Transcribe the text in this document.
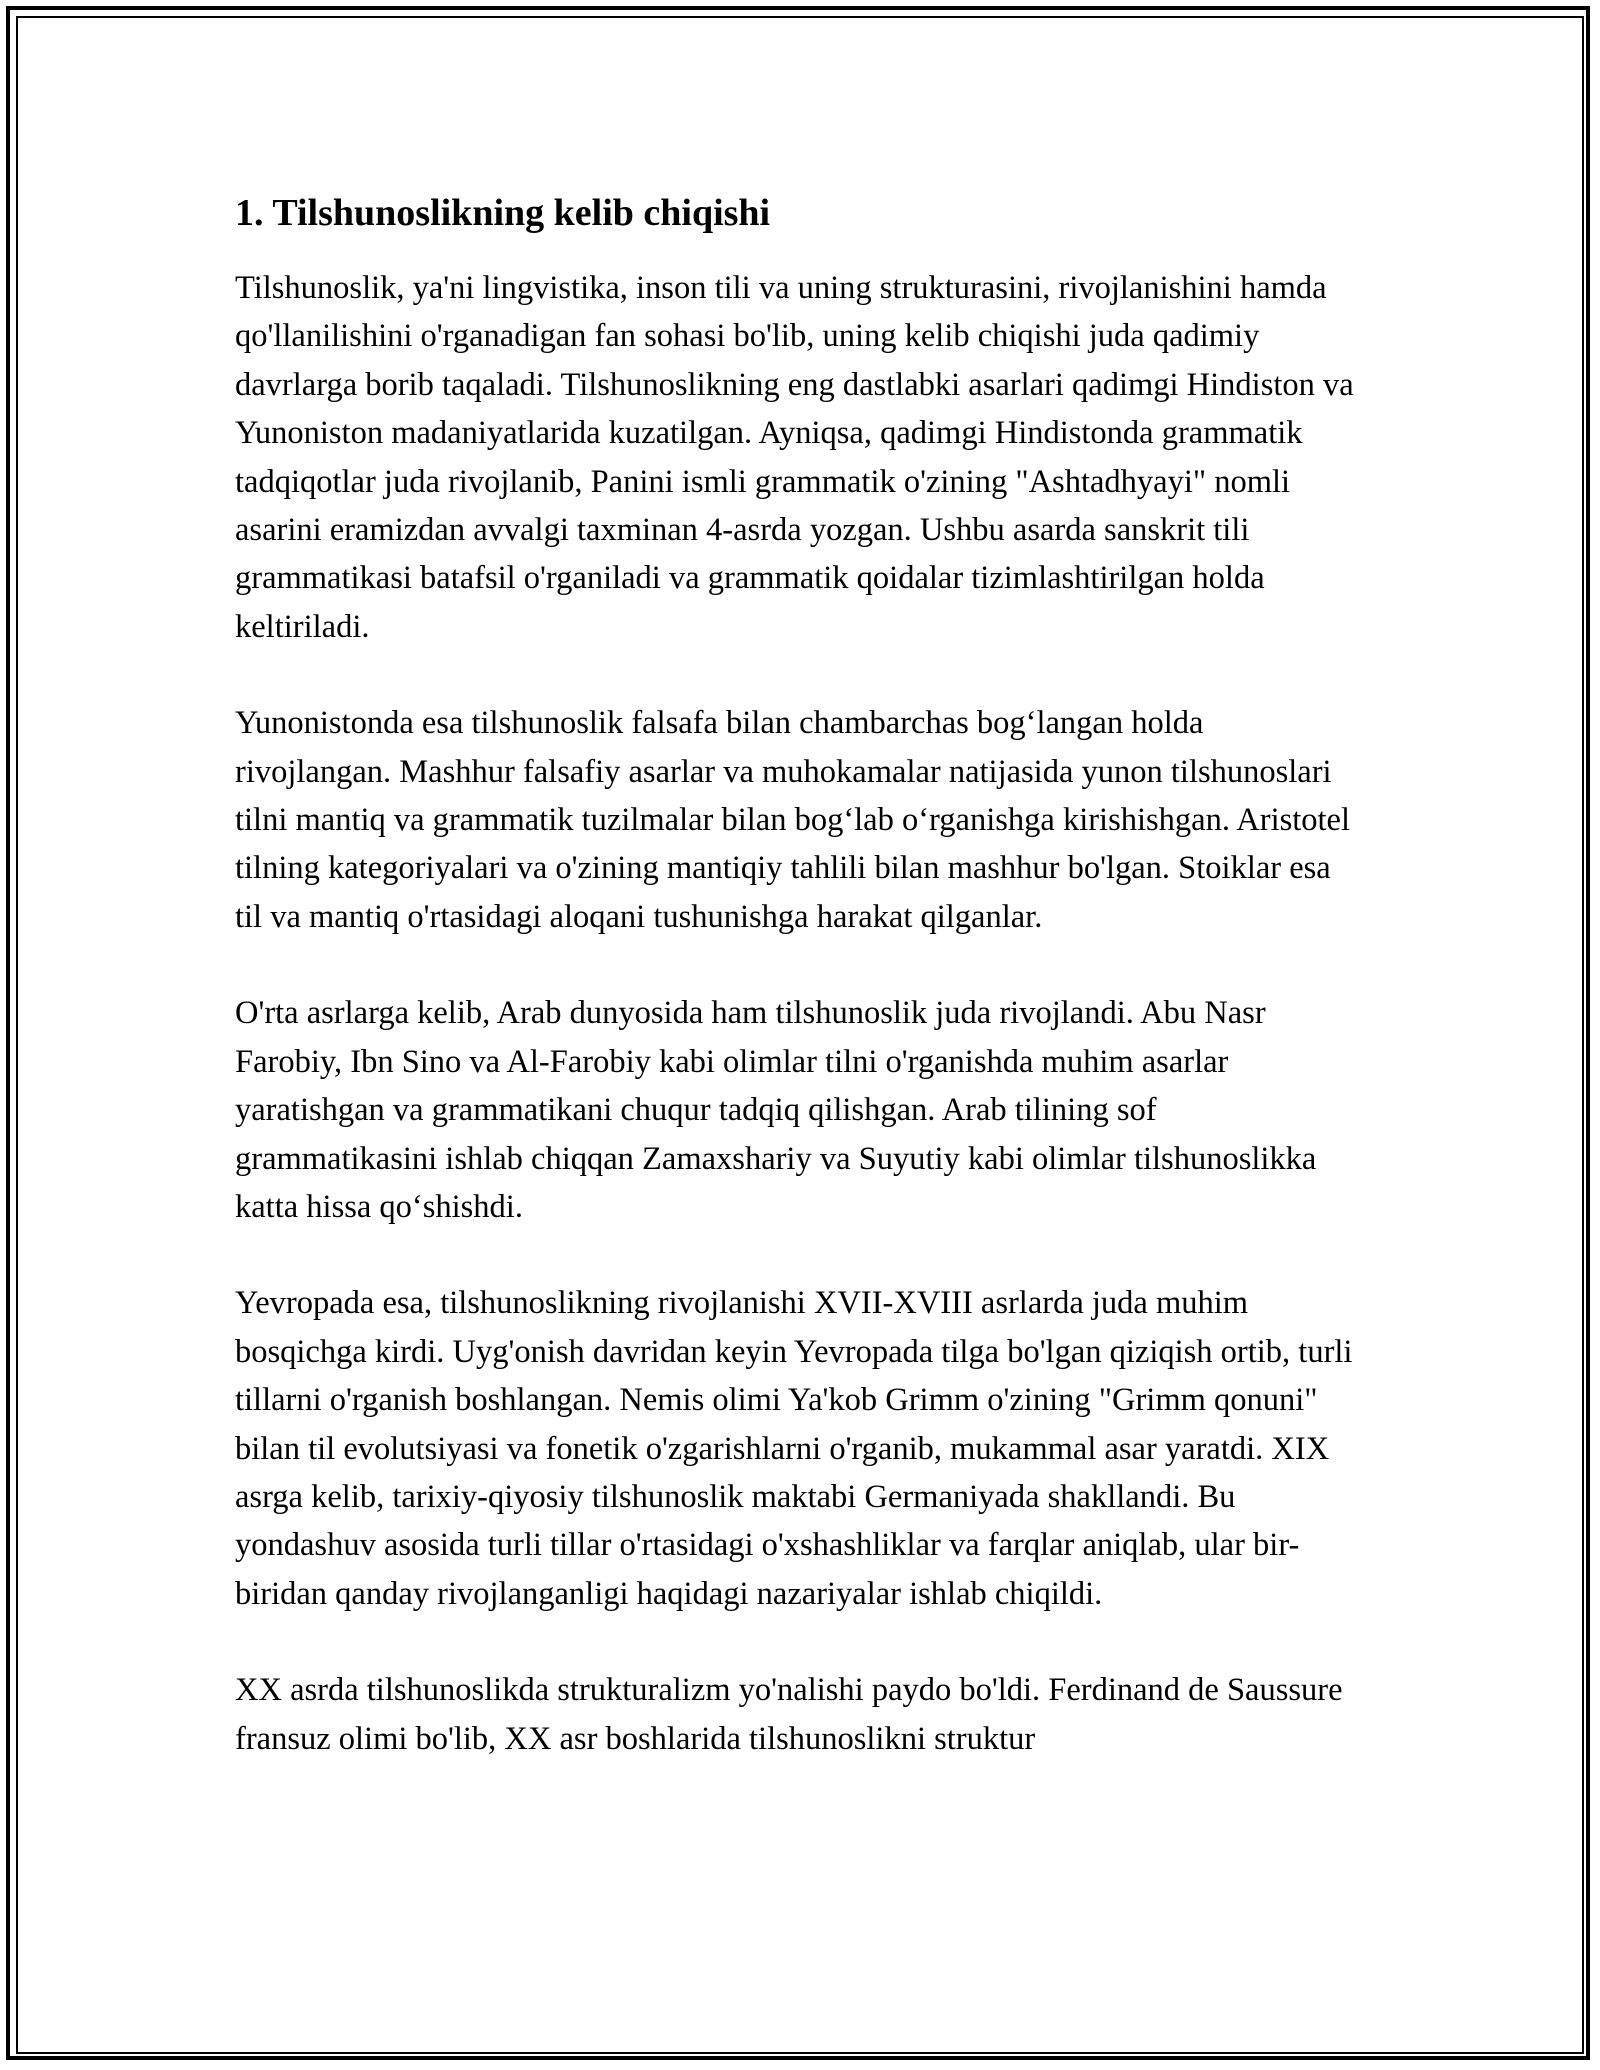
1. Tilshunoslikning kelib chiqishi

Tilshunoslik, ya'ni lingvistika, inson tili va uning strukturasini, rivojlanishini hamda qo'llanilishini o'rganadigan fan sohasi bo'lib, uning kelib chiqishi juda qadimiy davrlarga borib taqaladi. Tilshunoslikning eng dastlabki asarlari qadimgi Hindiston va Yunoniston madaniyatlarida kuzatilgan. Ayniqsa, qadimgi Hindistonda grammatik tadqiqotlar juda rivojlanib, Panini ismli grammatik o'zining "Ashtadhyayi" nomli asarini eramizdan avvalgi taxminan 4-asrda yozgan. Ushbu asarda sanskrit tili grammatikasi batafsil o'rganiladi va grammatik qoidalar tizimlashtirilgan holda keltiriladi.

Yunonistonda esa tilshunoslik falsafa bilan chambarchas bog‘langan holda rivojlangan. Mashhur falsafiy asarlar va muhokamalar natijasida yunon tilshunoslari tilni mantiq va grammatik tuzilmalar bilan bog‘lab o‘rganishga kirishishgan. Aristotel tilning kategoriyalari va o'zining mantiqiy tahlili bilan mashhur bo'lgan. Stoiklar esa til va mantiq o'rtasidagi aloqani tushunishga harakat qilganlar.

O'rta asrlarga kelib, Arab dunyosida ham tilshunoslik juda rivojlandi. Abu Nasr Farobiy, Ibn Sino va Al-Farobiy kabi olimlar tilni o'rganishda muhim asarlar yaratishgan va grammatikani chuqur tadqiq qilishgan. Arab tilining sof grammatikasini ishlab chiqqan Zamaxshariy va Suyutiy kabi olimlar tilshunoslikka katta hissa qo‘shishdi.

Yevropada esa, tilshunoslikning rivojlanishi XVII-XVIII asrlarda juda muhim bosqichga kirdi. Uyg'onish davridan keyin Yevropada tilga bo'lgan qiziqish ortib, turli tillarni o'rganish boshlangan. Nemis olimi Ya'kob Grimm o'zining "Grimm qonuni" bilan til evolutsiyasi va fonetik o'zgarishlarni o'rganib, mukammal asar yaratdi. XIX asrga kelib, tarixiy-qiyosiy tilshunoslik maktabi Germaniyada shakllandi. Bu yondashuv asosida turli tillar o'rtasidagi o'xshashliklar va farqlar aniqlab, ular bir-biridan qanday rivojlanganligi haqidagi nazariyalar ishlab chiqildi.

XX asrda tilshunoslikda strukturalizm yo'nalishi paydo bo'ldi. Ferdinand de Saussure fransuz olimi bo'lib, XX asr boshlarida tilshunoslikni struktur
